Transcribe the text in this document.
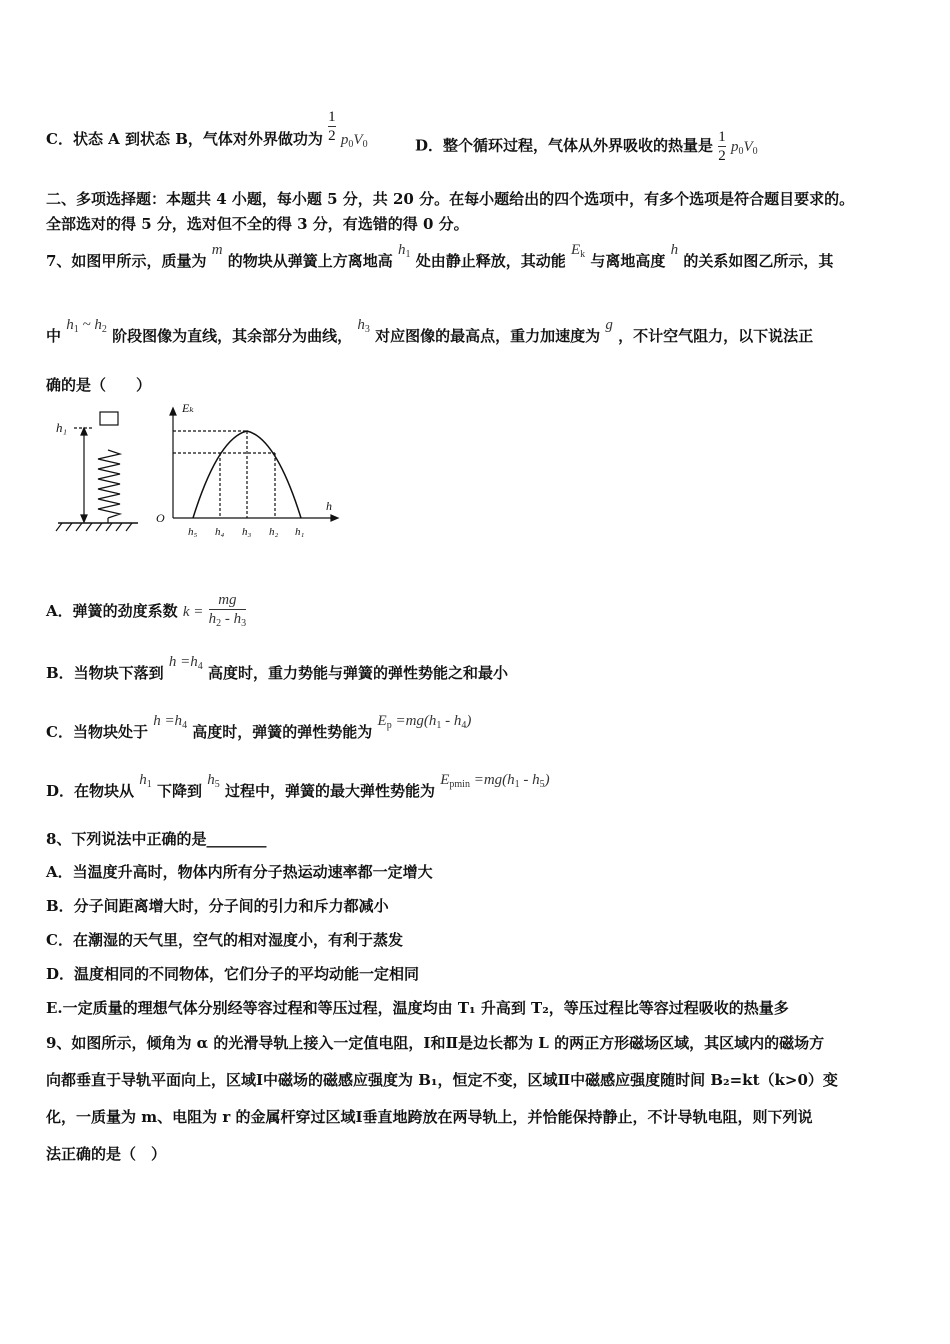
C．状态 A 到状态 B，气体对外界做功为 $\frac{1}{2} p_0V_0$	D．整个循环过程，气体从外界吸收的热量是 $\frac{1}{2} p_0V_0$
二、多项选择题：本题共 4 小题，每小题 5 分，共 20 分。在每小题给出的四个选项中，有多个选项是符合题目要求的。
全部选对的得 5 分，选对但不全的得 3 分，有选错的得 0 分。
7、如图甲所示，质量为 m 的物块从弹簧上方离地高 $h_1$ 处由静止释放，其动能 $E_k$ 与离地高度 h 的关系如图乙所示，其
中 $h_1$ ~ $h_2$ 阶段图像为直线，其余部分为曲线， $h_3$ 对应图像的最高点，重力加速度为 g ，不计空气阻力，以下说法正
确的是（　　）
h₁
Eₖ
O
h
h₅ h₄ h₃ h₂ h₁
A．弹簧的劲度系数 $k = \frac{mg}{h_2 - h_3}$
B．当物块下落到 $h =h_4$ 高度时，重力势能与弹簧的弹性势能之和最小
C．当物块处于 $h =h_4$ 高度时，弹簧的弹性势能为 $E_p =mg(h_1 - h_4)$
D．在物块从 $h_1$ 下降到 $h_5$ 过程中，弹簧的最大弹性势能为 $E_{pmin} =mg(h_1 - h_5)$
8、下列说法中正确的是________
A．当温度升高时，物体内所有分子热运动速率都一定增大
B．分子间距离增大时，分子间的引力和斥力都减小
C．在潮湿的天气里，空气的相对湿度小，有利于蒸发
D．温度相同的不同物体，它们分子的平均动能一定相同
E.一定质量的理想气体分别经等容过程和等压过程，温度均由 T₁ 升高到 T₂，等压过程比等容过程吸收的热量多
9、如图所示，倾角为 α 的光滑导轨上接入一定值电阻，Ⅰ和Ⅱ是边长都为 L 的两正方形磁场区域，其区域内的磁场方
向都垂直于导轨平面向上，区域Ⅰ中磁场的磁感应强度为 B₁，恒定不变，区域Ⅱ中磁感应强度随时间 B₂=kt（k>0）变
化，一质量为 m、电阻为 r 的金属杆穿过区域Ⅰ垂直地跨放在两导轨上，并恰能保持静止，不计导轨电阻，则下列说
法正确的是（　）
